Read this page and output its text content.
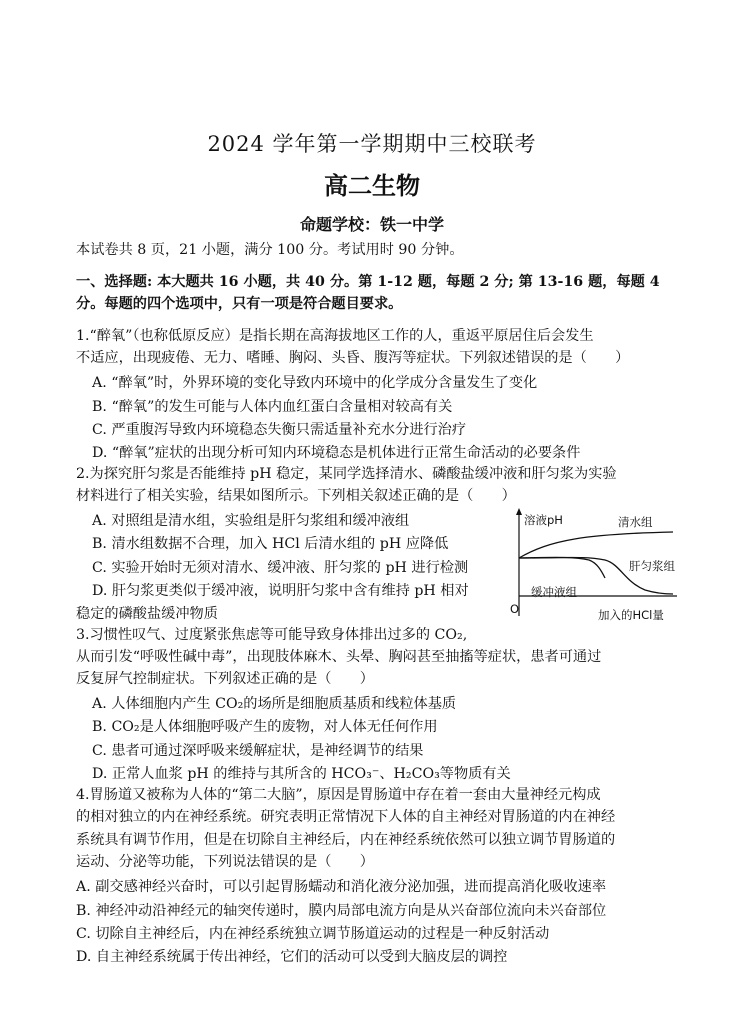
2024 学年第一学期期中三校联考
高二生物
命题学校：铁一中学
本试卷共 8 页，21 小题，满分 100 分。考试用时 90 分钟。
一、选择题: 本大题共 16 小题，共 40 分。第 1-12 题，每题 2 分; 第 13-16 题，每题 4
分。每题的四个选项中，只有一项是符合题目要求。
1.“醉氧”（也称低原反应）是指长期在高海拔地区工作的人，重返平原居住后会发生
不适应，出现疲倦、无力、嗜睡、胸闷、头昏、腹泻等症状。下列叙述错误的是（　　）
A. “醉氧”时，外界环境的变化导致内环境中的化学成分含量发生了变化
B. “醉氧”的发生可能与人体内血红蛋白含量相对较高有关
C. 严重腹泻导致内环境稳态失衡只需适量补充水分进行治疗
D. “醉氧”症状的出现分析可知内环境稳态是机体进行正常生命活动的必要条件
2.为探究肝匀浆是否能维持 pH 稳定，某同学选择清水、磷酸盐缓冲液和肝匀浆为实验
材料进行了相关实验，结果如图所示。下列相关叙述正确的是（　　）
A. 对照组是清水组，实验组是肝匀浆组和缓冲液组
B. 清水组数据不合理，加入 HCl 后清水组的 pH 应降低
C. 实验开始时无须对清水、缓冲液、肝匀浆的 pH 进行检测
D. 肝匀浆更类似于缓冲液，说明肝匀浆中含有维持 pH 相对
稳定的磷酸盐缓冲物质
溶液pH
O	加入的HCl量
清水组
肝匀浆组
缓冲液组
3.习惯性叹气、过度紧张焦虑等可能导致身体排出过多的 CO₂,
从而引发“呼吸性碱中毒”，出现肢体麻木、头晕、胸闷甚至抽搐等症状，患者可通过
反复屏气控制症状。下列叙述正确的是（　　）
A. 人体细胞内产生 CO₂的场所是细胞质基质和线粒体基质
B. CO₂是人体细胞呼吸产生的废物，对人体无任何作用
C. 患者可通过深呼吸来缓解症状，是神经调节的结果
D. 正常人血浆 pH 的维持与其所含的 HCO₃⁻、H₂CO₃等物质有关
4.胃肠道又被称为人体的“第二大脑”，原因是胃肠道中存在着一套由大量神经元构成
的相对独立的内在神经系统。研究表明正常情况下人体的自主神经对胃肠道的内在神经
系统具有调节作用，但是在切除自主神经后，内在神经系统依然可以独立调节胃肠道的
运动、分泌等功能，下列说法错误的是（　　）
A. 副交感神经兴奋时，可以引起胃肠蠕动和消化液分泌加强，进而提高消化吸收速率
B. 神经冲动沿神经元的轴突传递时，膜内局部电流方向是从兴奋部位流向未兴奋部位
C. 切除自主神经后，内在神经系统独立调节肠道运动的过程是一种反射活动
D. 自主神经系统属于传出神经，它们的活动可以受到大脑皮层的调控
